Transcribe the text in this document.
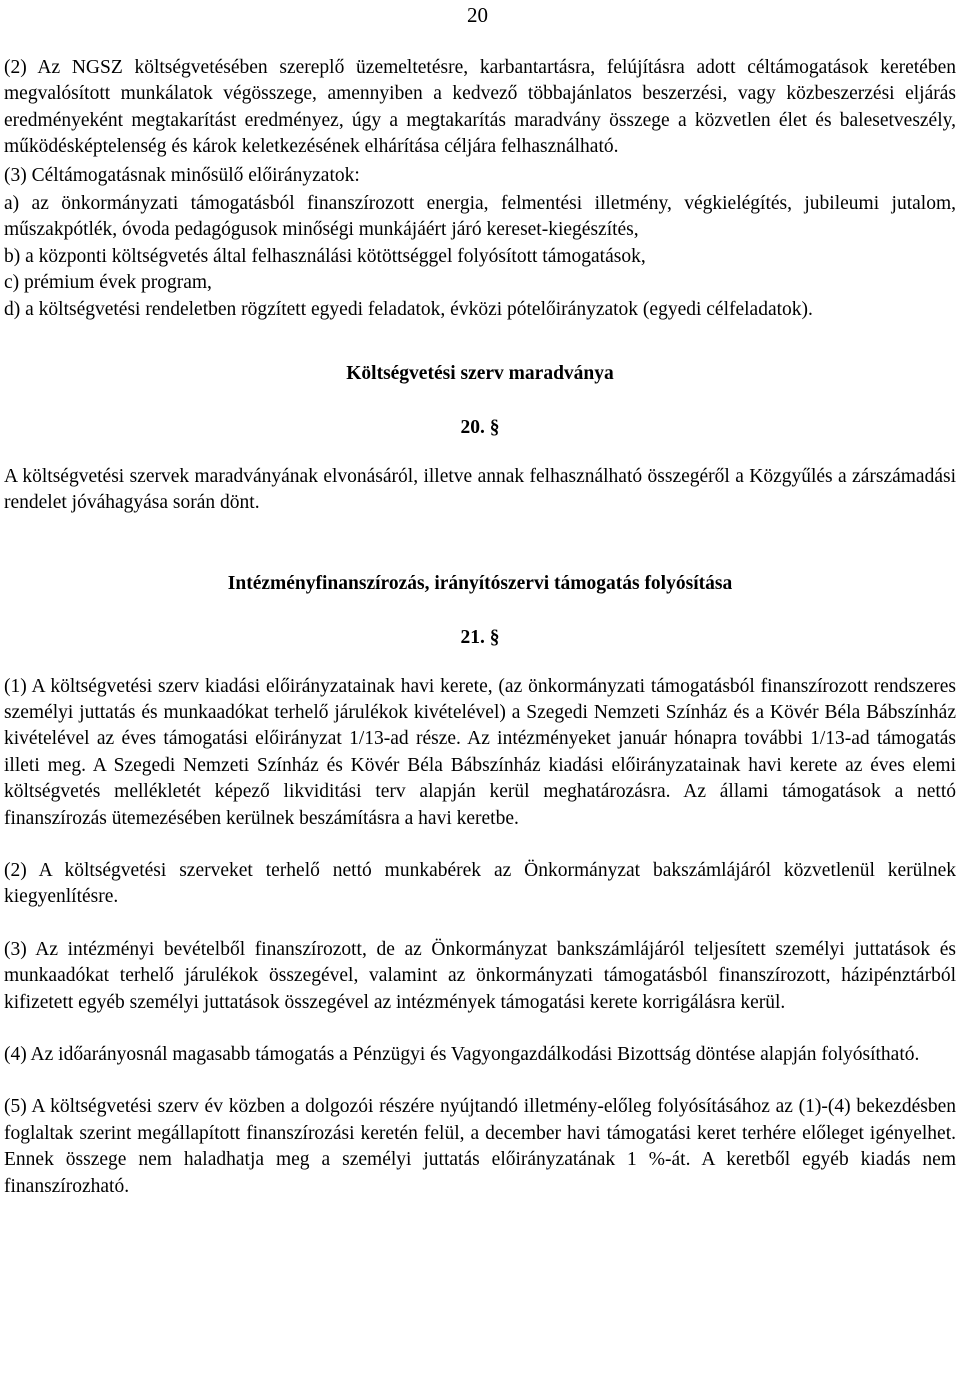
20

(2) Az NGSZ költségvetésében szereplő üzemeltetésre, karbantartásra, felújításra adott céltámogatások keretében megvalósított munkálatok végösszege, amennyiben a kedvező többajánlatos beszerzési, vagy közbeszerzési eljárás eredményeként megtakarítást eredményez, úgy a megtakarítás maradvány összege a közvetlen élet és balesetveszély, működésképtelenség és károk keletkezésének elhárítása céljára felhasználható.

(3) Céltámogatásnak minősülő előirányzatok:

a) az önkormányzati támogatásból finanszírozott energia, felmentési illetmény, végkielégítés, jubileumi jutalom, műszakpótlék, óvoda pedagógusok minőségi munkájáért járó kereset-kiegészítés,

b) a központi költségvetés által felhasználási kötöttséggel folyósított támogatások,

c) prémium évek program,

d) a költségvetési rendeletben rögzített egyedi feladatok, évközi pótelőirányzatok (egyedi célfeladatok).

Költségvetési szerv maradványa

20. §

A költségvetési szervek maradványának elvonásáról, illetve annak felhasználható összegéről a Közgyűlés a zárszámadási rendelet jóváhagyása során dönt.

Intézményfinanszírozás, irányítószervi támogatás folyósítása

21. §

(1) A költségvetési szerv kiadási előirányzatainak havi kerete, (az önkormányzati támogatásból finanszírozott rendszeres személyi juttatás és munkaadókat terhelő járulékok kivételével) a Szegedi Nemzeti Színház és a Kövér Béla Bábszínház kivételével az éves támogatási előirányzat 1/13-ad része. Az intézményeket január hónapra további 1/13-ad támogatás illeti meg. A Szegedi Nemzeti Színház és Kövér Béla Bábszínház kiadási előirányzatainak havi kerete az éves elemi költségvetés mellékletét képező likviditási terv alapján kerül meghatározásra. Az állami támogatások a nettó finanszírozás ütemezésében kerülnek beszámításra a havi keretbe.

(2) A költségvetési szerveket terhelő nettó munkabérek az Önkormányzat bakszámlájáról közvetlenül kerülnek kiegyenlítésre.

(3) Az intézményi bevételből finanszírozott, de az Önkormányzat bankszámlájáról teljesített személyi juttatások és munkaadókat terhelő járulékok összegével, valamint az önkormányzati támogatásból finanszírozott, házipénztárból kifizetett egyéb személyi juttatások összegével az intézmények támogatási kerete korrigálásra kerül.

(4) Az időarányosnál magasabb támogatás a Pénzügyi és Vagyongazdálkodási Bizottság döntése alapján folyósítható.

(5) A költségvetési szerv év közben a dolgozói részére nyújtandó illetmény-előleg folyósításához az (1)-(4) bekezdésben foglaltak szerint megállapított finanszírozási keretén felül, a december havi támogatási keret terhére előleget igényelhet. Ennek összege nem haladhatja meg a személyi juttatás előirányzatának 1 %-át. A keretből egyéb kiadás nem finanszírozható.
